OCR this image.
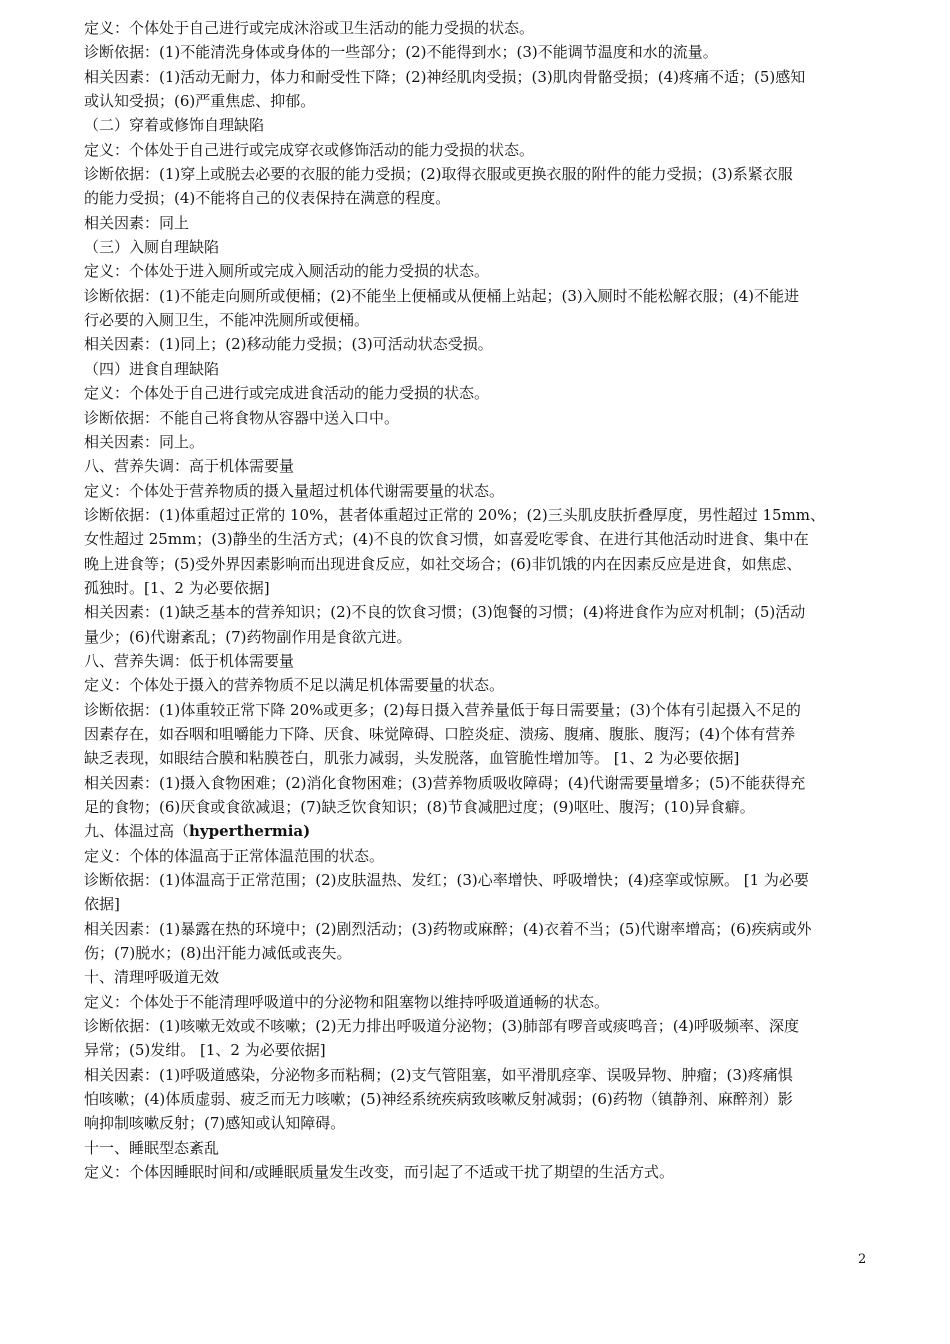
定义：个体处于自己进行或完成沐浴或卫生活动的能力受损的状态。
诊断依据：(1)不能清洗身体或身体的一些部分；(2)不能得到水；(3)不能调节温度和水的流量。
相关因素：(1)活动无耐力，体力和耐受性下降；(2)神经肌肉受损；(3)肌肉骨骼受损；(4)疼痛不适；(5)感知
或认知受损；(6)严重焦虑、抑郁。
（二）穿着或修饰自理缺陷
定义：个体处于自己进行或完成穿衣或修饰活动的能力受损的状态。
诊断依据：(1)穿上或脱去必要的衣服的能力受损；(2)取得衣服或更换衣服的附件的能力受损；(3)系紧衣服
的能力受损；(4)不能将自己的仪表保持在满意的程度。
相关因素：同上
（三）入厕自理缺陷
定义：个体处于进入厕所或完成入厕活动的能力受损的状态。
诊断依据：(1)不能走向厕所或便桶；(2)不能坐上便桶或从便桶上站起；(3)入厕时不能松解衣服；(4)不能进
行必要的入厕卫生，不能冲洗厕所或便桶。
相关因素：(1)同上；(2)移动能力受损；(3)可活动状态受损。
（四）进食自理缺陷
定义：个体处于自己进行或完成进食活动的能力受损的状态。
诊断依据：不能自己将食物从容器中送入口中。
相关因素：同上。
八、营养失调：高于机体需要量
定义：个体处于营养物质的摄入量超过机体代谢需要量的状态。
诊断依据：(1)体重超过正常的 10%，甚者体重超过正常的 20%；(2)三头肌皮肤折叠厚度，男性超过 15mm、
女性超过 25mm；(3)静坐的生活方式；(4)不良的饮食习惯，如喜爱吃零食、在进行其他活动时进食、集中在
晚上进食等；(5)受外界因素影响而出现进食反应，如社交场合；(6)非饥饿的内在因素反应是进食，如焦虑、
孤独时。[1、2 为必要依据]
相关因素：(1)缺乏基本的营养知识；(2)不良的饮食习惯；(3)饱餐的习惯；(4)将进食作为应对机制；(5)活动
量少；(6)代谢紊乱；(7)药物副作用是食欲亢进。
八、营养失调：低于机体需要量
定义：个体处于摄入的营养物质不足以满足机体需要量的状态。
诊断依据：(1)体重较正常下降 20%或更多；(2)每日摄入营养量低于每日需要量；(3)个体有引起摄入不足的
因素存在，如吞咽和咀嚼能力下降、厌食、味觉障碍、口腔炎症、溃疡、腹痛、腹胀、腹泻；(4)个体有营养
缺乏表现，如眼结合膜和粘膜苍白，肌张力减弱，头发脱落，血管脆性增加等。 [1、2 为必要依据]
相关因素：(1)摄入食物困难；(2)消化食物困难；(3)营养物质吸收障碍；(4)代谢需要量增多；(5)不能获得充
足的食物；(6)厌食或食欲减退；(7)缺乏饮食知识；(8)节食减肥过度；(9)呕吐、腹泻；(10)异食癖。
九、体温过高（hyperthermia)
定义：个体的体温高于正常体温范围的状态。
诊断依据：(1)体温高于正常范围；(2)皮肤温热、发红；(3)心率增快、呼吸增快；(4)痉挛或惊厥。 [1 为必要
依据]
相关因素：(1)暴露在热的环境中；(2)剧烈活动；(3)药物或麻醉；(4)衣着不当；(5)代谢率增高；(6)疾病或外
伤；(7)脱水；(8)出汗能力减低或丧失。
十、清理呼吸道无效
定义：个体处于不能清理呼吸道中的分泌物和阻塞物以维持呼吸道通畅的状态。
诊断依据：(1)咳嗽无效或不咳嗽；(2)无力排出呼吸道分泌物；(3)肺部有啰音或痰鸣音；(4)呼吸频率、深度
异常；(5)发绀。 [1、2 为必要依据]
相关因素：(1)呼吸道感染，分泌物多而粘稠；(2)支气管阻塞，如平滑肌痉挛、误吸异物、肿瘤；(3)疼痛惧
怕咳嗽；(4)体质虚弱、疲乏而无力咳嗽；(5)神经系统疾病致咳嗽反射减弱；(6)药物（镇静剂、麻醉剂）影
响抑制咳嗽反射；(7)感知或认知障碍。
十一、睡眠型态紊乱
定义：个体因睡眠时间和/或睡眠质量发生改变，而引起了不适或干扰了期望的生活方式。
2
